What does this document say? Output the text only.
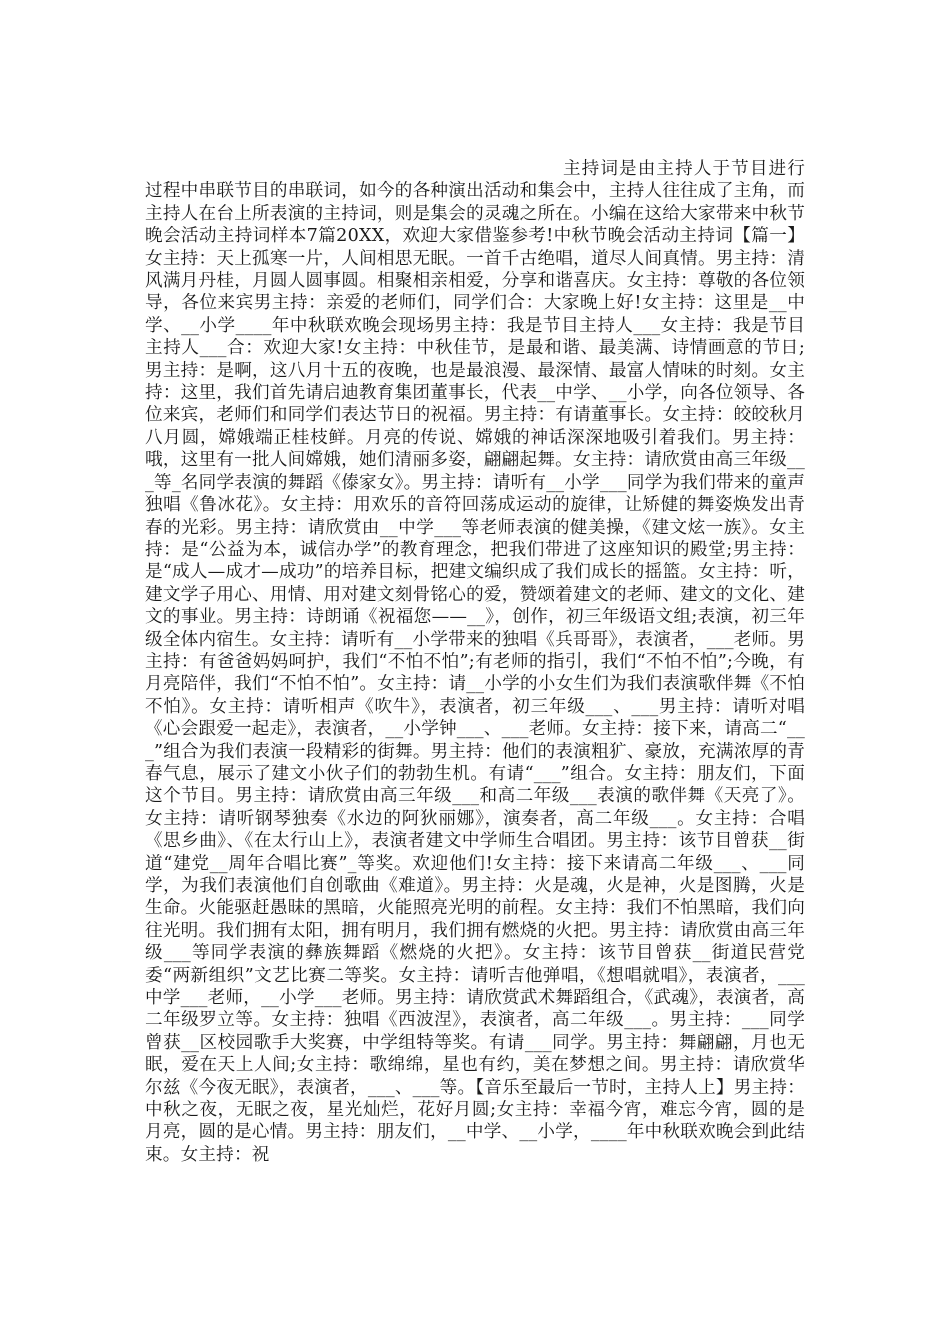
主持词是由主持人于节目进行过程中串联节目的串联词，如今的各种演出活动和集会中，主持人往往成了主角，而主持人在台上所表演的主持词，则是集会的灵魂之所在。小编在这给大家带来中秋节晚会活动主持词样本7篇20XX，欢迎大家借鉴参考!中秋节晚会活动主持词【篇一】女主持：天上孤寒一片，人间相思无眠。一首千古绝唱，道尽人间真情。男主持：清风满月丹桂，月圆人圆事圆。相聚相亲相爱，分享和谐喜庆。女主持：尊敬的各位领导，各位来宾男主持：亲爱的老师们，同学们合：大家晚上好!女主持：这里是__中学、__小学____年中秋联欢晚会现场男主持：我是节目主持人___女主持：我是节目主持人___合：欢迎大家!女主持：中秋佳节，是最和谐、最美满、诗情画意的节日;男主持：是啊，这八月十五的夜晚，也是最浪漫、最深情、最富人情味的时刻。女主持：这里，我们首先请启迪教育集团董事长，代表__中学、__小学，向各位领导、各位来宾，老师们和同学们表达节日的祝福。男主持：有请董事长。女主持：皎皎秋月八月圆，嫦娥端正桂枝鲜。月亮的传说、嫦娥的神话深深地吸引着我们。男主持：哦，这里有一批人间嫦娥，她们清丽多姿，翩翩起舞。女主持：请欣赏由高三年级___等_名同学表演的舞蹈《傣家女》。男主持：请听有__小学___同学为我们带来的童声独唱《鲁冰花》。女主持：用欢乐的音符回荡成运动的旋律，让矫健的舞姿焕发出青春的光彩。男主持：请欣赏由__中学___等老师表演的健美操，《建文炫一族》。女主持：是“公益为本，诚信办学”的教育理念，把我们带进了这座知识的殿堂;男主持：是“成人—成才—成功”的培养目标，把建文编织成了我们成长的摇篮。女主持：听，建文学子用心、用情、用对建文刻骨铭心的爱，赞颂着建文的老师、建文的文化、建文的事业。男主持：诗朗诵《祝福您——__》，创作，初三年级语文组;表演，初三年级全体内宿生。女主持：请听有__小学带来的独唱《兵哥哥》，表演者，___老师。男主持：有爸爸妈妈呵护，我们“不怕不怕”;有老师的指引，我们“不怕不怕”;今晚，有月亮陪伴，我们“不怕不怕”。女主持：请__小学的小女生们为我们表演歌伴舞《不怕不怕》。女主持：请听相声《吹牛》，表演者，初三年级___、___男主持：请听对唱《心会跟爱一起走》，表演者，__小学钟___、___老师。女主持：接下来，请高二“___”组合为我们表演一段精彩的街舞。男主持：他们的表演粗犷、豪放，充满浓厚的青春气息，展示了建文小伙子们的勃勃生机。有请“___”组合。女主持：朋友们，下面这个节目。男主持：请欣赏由高三年级___和高二年级___表演的歌伴舞《天亮了》。女主持：请听钢琴独奏《水边的阿狄丽娜》，演奏者，高二年级___。女主持：合唱《思乡曲》、《在太行山上》，表演者建文中学师生合唱团。男主持：该节目曾获__街道“建党__周年合唱比赛”_等奖。欢迎他们!女主持：接下来请高二年级___、___同学，为我们表演他们自创歌曲《难道》。男主持：火是魂，火是神，火是图腾，火是生命。火能驱赶愚昧的黑暗，火能照亮光明的前程。女主持：我们不怕黑暗，我们向往光明。我们拥有太阳，拥有明月，我们拥有燃烧的火把。男主持：请欣赏由高三年级___等同学表演的彝族舞蹈《燃烧的火把》。女主持：该节目曾获__街道民营党委“两新组织”文艺比赛二等奖。女主持：请听吉他弹唱，《想唱就唱》，表演者，___中学___老师，__小学___老师。男主持：请欣赏武术舞蹈组合，《武魂》，表演者，高二年级罗立等。女主持：独唱《西波涅》，表演者，高二年级___。男主持：___同学曾获__区校园歌手大奖赛，中学组特等奖。有请___同学。男主持：舞翩翩，月也无眠，爱在天上人间;女主持：歌绵绵，星也有约，美在梦想之间。男主持：请欣赏华尔兹《今夜无眠》，表演者，___、___等。【音乐至最后一节时，主持人上】男主持：中秋之夜，无眠之夜，星光灿烂，花好月圆;女主持：幸福今宵，难忘今宵，圆的是月亮，圆的是心情。男主持：朋友们，__中学、__小学，____年中秋联欢晚会到此结束。女主持：祝
